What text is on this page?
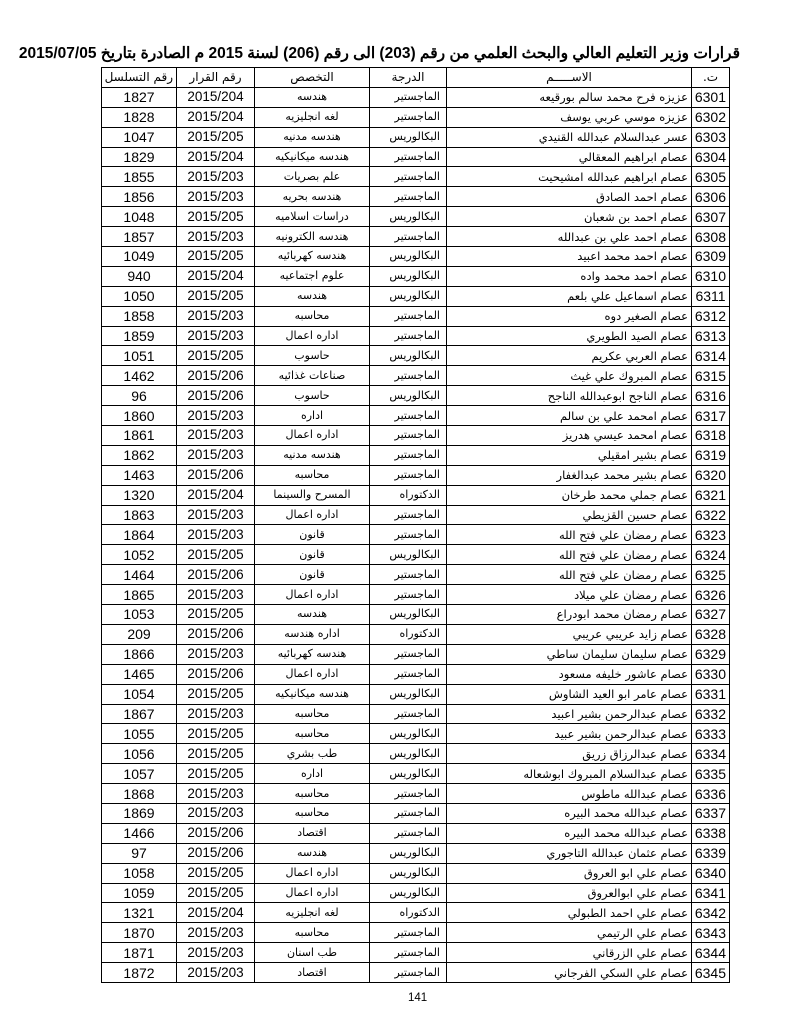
قرارات وزير التعليم العالي والبحث العلمي من رقم (203) الى رقم (206) لسنة 2015 م الصادرة بتاريخ 2015/07/05
ت.	الاســـــم	الدرجة	التخصص	رقم القرار	رقم التسلسل
6301	عزيزه فرح محمد سالم بورقيعه	الماجستير	هندسه	2015/204	1827
6302	عزيزه موسي عربي يوسف	الماجستير	لغه انجليزيه	2015/204	1828
6303	عسر عبدالسلام عبدالله القنيدي	البكالوريس	هندسه مدنيه	2015/205	1047
6304	عصام ابراهيم المعقالي	الماجستير	هندسه ميكانيكيه	2015/204	1829
6305	عصام ابراهيم عبدالله امشيحيت	الماجستير	علم بصريات	2015/203	1855
6306	عصام احمد الصادق	الماجستير	هندسه بحريه	2015/203	1856
6307	عصام احمد بن شعبان	البكالوريس	دراسات اسلاميه	2015/205	1048
6308	عصام احمد علي بن عبدالله	الماجستير	هندسه الكترونيه	2015/203	1857
6309	عصام احمد محمد اعبيد	البكالوريس	هندسه كهربائيه	2015/205	1049
6310	عصام احمد محمد واده	البكالوريس	علوم اجتماعيه	2015/204	940
6311	عصام اسماعيل علي بلعم	البكالوريس	هندسه	2015/205	1050
6312	عصام الصغير دوه	الماجستير	محاسبه	2015/203	1858
6313	عصام الصيد الطويري	الماجستير	اداره اعمال	2015/203	1859
6314	عصام العربي عكريم	البكالوريس	حاسوب	2015/205	1051
6315	عصام المبروك علي غيث	الماجستير	صناعات غذائيه	2015/206	1462
6316	عصام الناجح ابوعبدالله الناجح	البكالوريس	حاسوب	2015/206	96
6317	عصام امحمد علي بن سالم	الماجستير	اداره	2015/203	1860
6318	عصام امحمد عيسي هدريز	الماجستير	اداره اعمال	2015/203	1861
6319	عصام بشير امقيلي	الماجستير	هندسه مدنيه	2015/203	1862
6320	عصام بشير محمد عبدالغفار	الماجستير	محاسبه	2015/206	1463
6321	عصام جملي محمد طرخان	الدكتوراه	المسرح والسينما	2015/204	1320
6322	عصام حسين القزيطي	الماجستير	اداره اعمال	2015/203	1863
6323	عصام رمضان علي فتح الله	الماجستير	قانون	2015/203	1864
6324	عصام رمضان علي فتح الله	البكالوريس	قانون	2015/205	1052
6325	عصام رمضان علي فتح الله	الماجستير	قانون	2015/206	1464
6326	عصام رمضان علي ميلاد	الماجستير	اداره اعمال	2015/203	1865
6327	عصام رمضان محمد ابودراع	البكالوريس	هندسه	2015/205	1053
6328	عصام زايد عريبي عريبي	الدكتوراه	اداره هندسه	2015/206	209
6329	عصام سليمان سليمان ساطي	الماجستير	هندسه كهربائيه	2015/203	1866
6330	عصام عاشور خليفه مسعود	الماجستير	اداره اعمال	2015/206	1465
6331	عصام عامر ابو العيد الشاوش	البكالوريس	هندسه ميكانيكيه	2015/205	1054
6332	عصام عبدالرحمن بشير اعبيد	الماجستير	محاسبه	2015/203	1867
6333	عصام عبدالرحمن بشير عبيد	البكالوريس	محاسبه	2015/205	1055
6334	عصام عبدالرزاق زريق	البكالوريس	طب بشري	2015/205	1056
6335	عصام عبدالسلام المبروك ابوشعاله	البكالوريس	اداره	2015/205	1057
6336	عصام عبدالله ماطوس	الماجستير	محاسبه	2015/203	1868
6337	عصام عبدالله محمد البيره	الماجستير	محاسبه	2015/203	1869
6338	عصام عبدالله محمد البيره	الماجستير	اقتصاد	2015/206	1466
6339	عصام عثمان عبدالله التاجوري	البكالوريس	هندسه	2015/206	97
6340	عصام علي ابو العروق	البكالوريس	اداره اعمال	2015/205	1058
6341	عصام علي ابوالعروق	البكالوريس	اداره اعمال	2015/205	1059
6342	عصام علي احمد الطبولي	الدكتوراه	لغه انجليزيه	2015/204	1321
6343	عصام علي الرتيمي	الماجستير	محاسبه	2015/203	1870
6344	عصام علي الزرقاني	الماجستير	طب اسنان	2015/203	1871
6345	عصام علي السكي الفرجاني	الماجستير	اقتصاد	2015/203	1872
141
